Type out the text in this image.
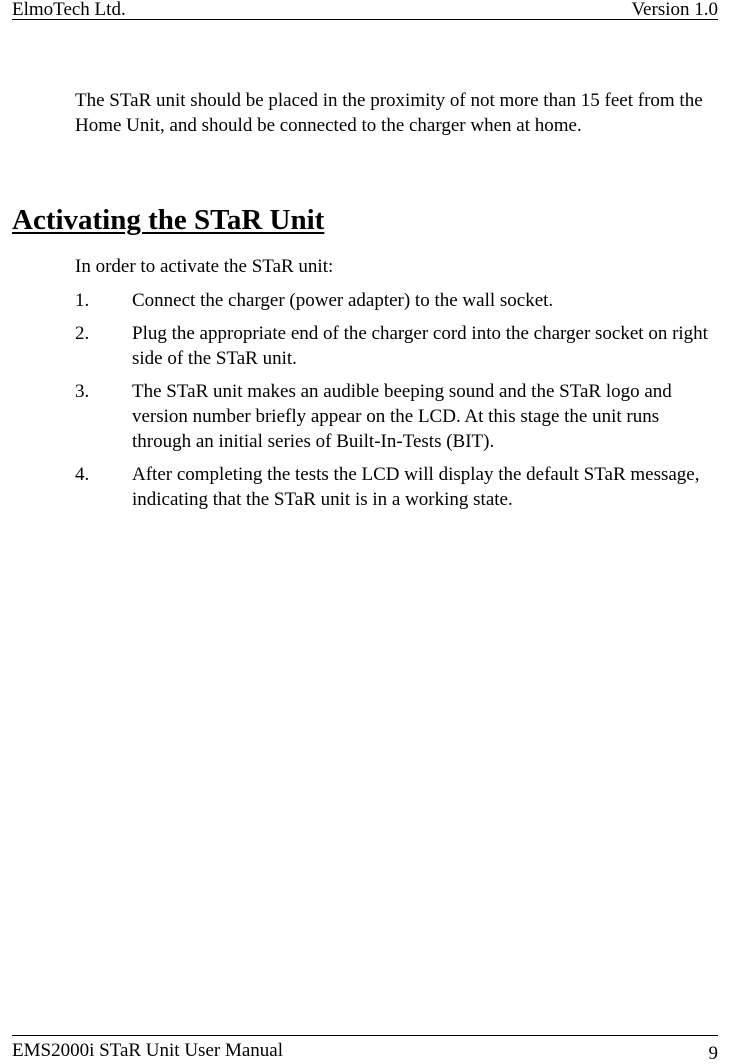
ElmoTech Ltd.	Version 1.0

The STaR unit should be placed in the proximity of not more than 15 feet from the Home Unit, and should be connected to the charger when at home.

Activating the STaR Unit

In order to activate the STaR unit:

1. Connect the charger (power adapter) to the wall socket.
2. Plug the appropriate end of the charger cord into the charger socket on right side of the STaR unit.
3. The STaR unit makes an audible beeping sound and the STaR logo and version number briefly appear on the LCD. At this stage the unit runs through an initial series of Built-In-Tests (BIT).
4. After completing the tests the LCD will display the default STaR message, indicating that the STaR unit is in a working state.
EMS2000i STaR Unit User Manual	9
